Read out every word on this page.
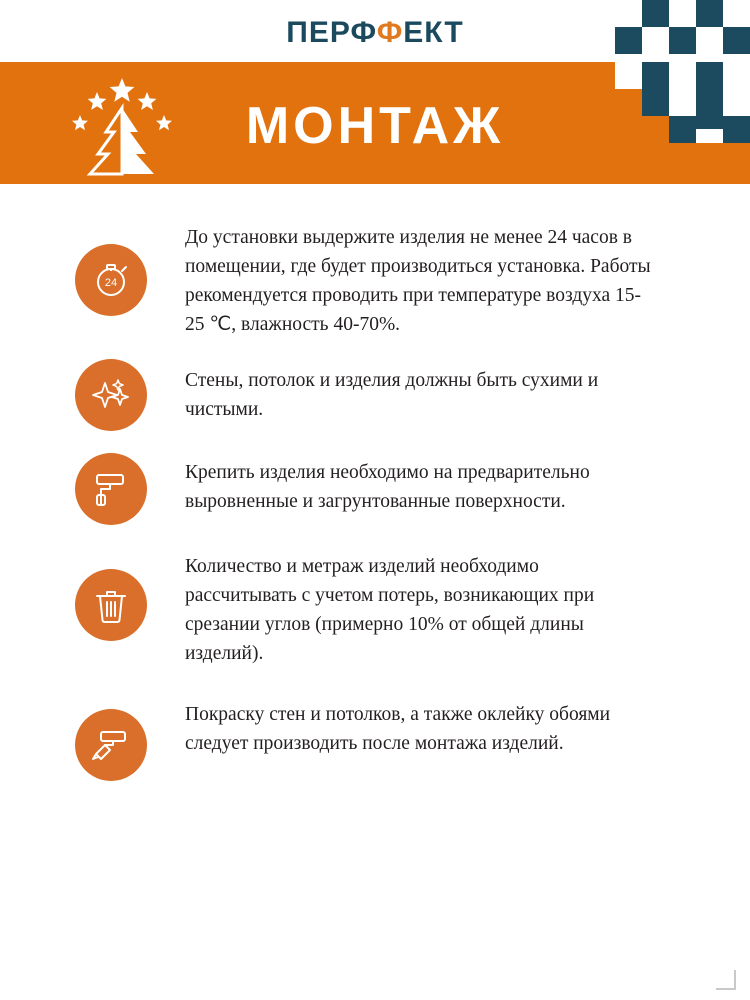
ПЕРФФЕКТ
МОНТАЖ
24
До установки выдержите изделия не менее 24 часов в помещении, где будет производиться установка. Работы рекомендуется проводить при температуре воздуха 15-25 ℃, влажность 40-70%.
Стены, потолок и изделия должны быть сухими и чистыми.
Крепить изделия необходимо на предварительно выровненные и загрунтованные поверхности.
Количество и метраж изделий необходимо рассчитывать с учетом потерь, возникающих при срезании углов (примерно 10% от общей длины изделий).
Покраску стен и потолков, а также оклейку обоями следует производить после монтажа изделий.
